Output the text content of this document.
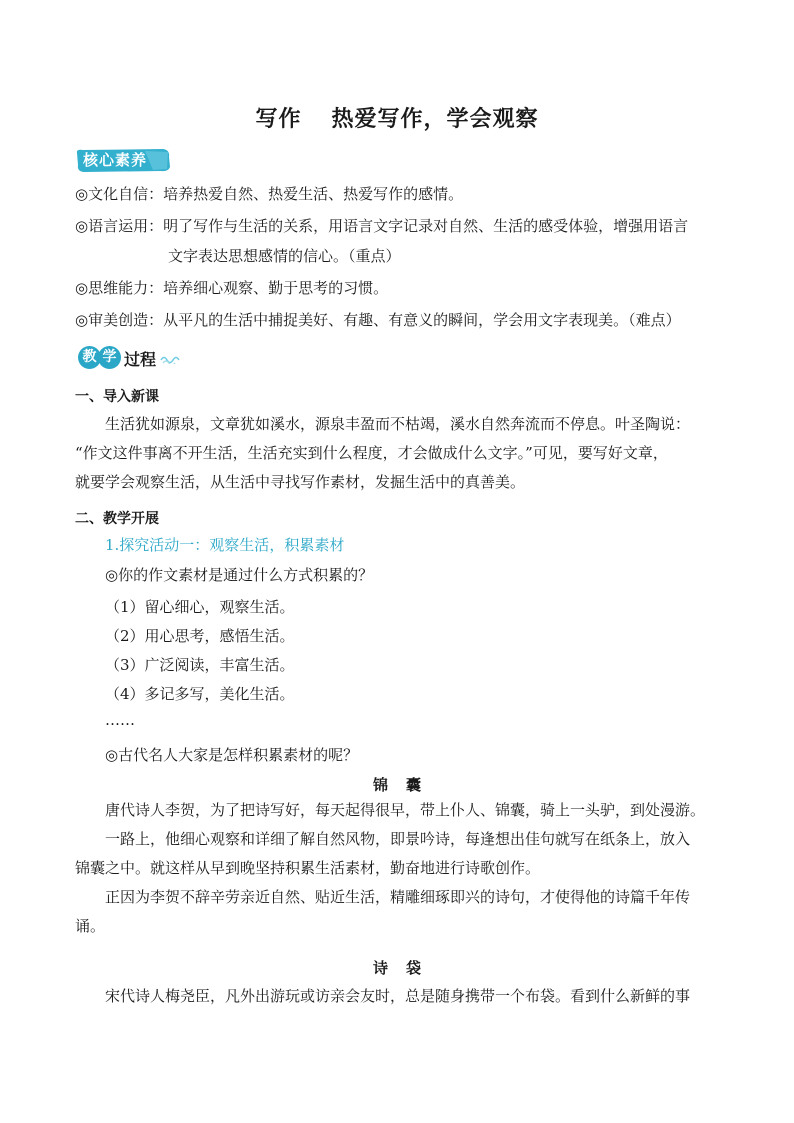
写作 热爱写作，学会观察
核心素养
◎文化自信：培养热爱自然、热爱生活、热爱写作的感情。
◎语言运用：明了写作与生活的关系，用语言文字记录对自然、生活的感受体验，增强用语言
文字表达思想感情的信心。（重点）
◎思维能力：培养细心观察、勤于思考的习惯。
◎审美创造：从平凡的生活中捕捉美好、有趣、有意义的瞬间，学会用文字表现美。（难点）
教 学 过程
一、导入新课
生活犹如源泉，文章犹如溪水，源泉丰盈而不枯竭，溪水自然奔流而不停息。叶圣陶说：
“作文这件事离不开生活，生活充实到什么程度，才会做成什么文字。”可见，要写好文章，
就要学会观察生活，从生活中寻找写作素材，发掘生活中的真善美。
二、教学开展
1.探究活动一：观察生活，积累素材
◎你的作文素材是通过什么方式积累的？
（1）留心细心，观察生活。
（2）用心思考，感悟生活。
（3）广泛阅读，丰富生活。
（4）多记多写，美化生活。
……
◎古代名人大家是怎样积累素材的呢？
锦 囊
唐代诗人李贺，为了把诗写好，每天起得很早，带上仆人、锦囊，骑上一头驴，到处漫游。
一路上，他细心观察和详细了解自然风物，即景吟诗，每逢想出佳句就写在纸条上，放入
锦囊之中。就这样从早到晚坚持积累生活素材，勤奋地进行诗歌创作。
正因为李贺不辞辛劳亲近自然、贴近生活，精雕细琢即兴的诗句，才使得他的诗篇千年传
诵。
诗 袋
宋代诗人梅尧臣，凡外出游玩或访亲会友时，总是随身携带一个布袋。看到什么新鲜的事
